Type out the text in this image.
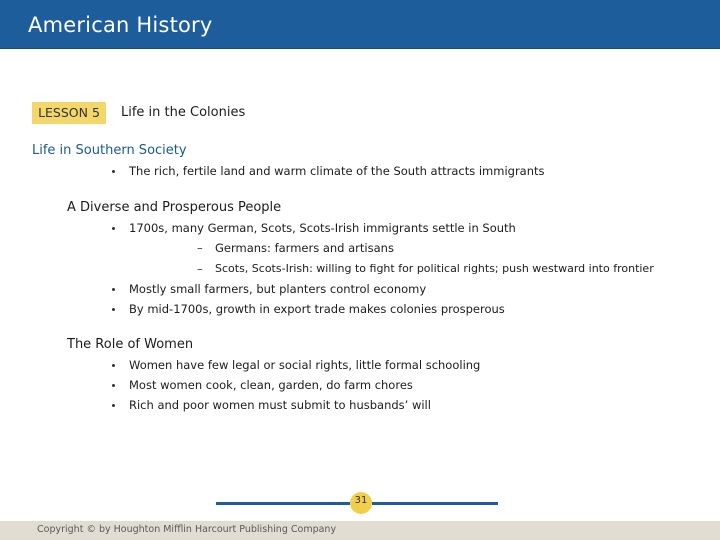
American History
LESSON 5	Life in the Colonies
Life in Southern Society
The rich, fertile land and warm climate of the South attracts immigrants
A Diverse and Prosperous People
1700s, many German, Scots, Scots-Irish immigrants settle in South
– Germans: farmers and artisans
– Scots, Scots-Irish: willing to fight for political rights; push westward into frontier
Mostly small farmers, but planters control economy
By mid-1700s, growth in export trade makes colonies prosperous
The Role of Women
Women have few legal or social rights, little formal schooling
Most women cook, clean, garden, do farm chores
Rich and poor women must submit to husbands’ will
31
Copyright © by Houghton Mifflin Harcourt Publishing Company
